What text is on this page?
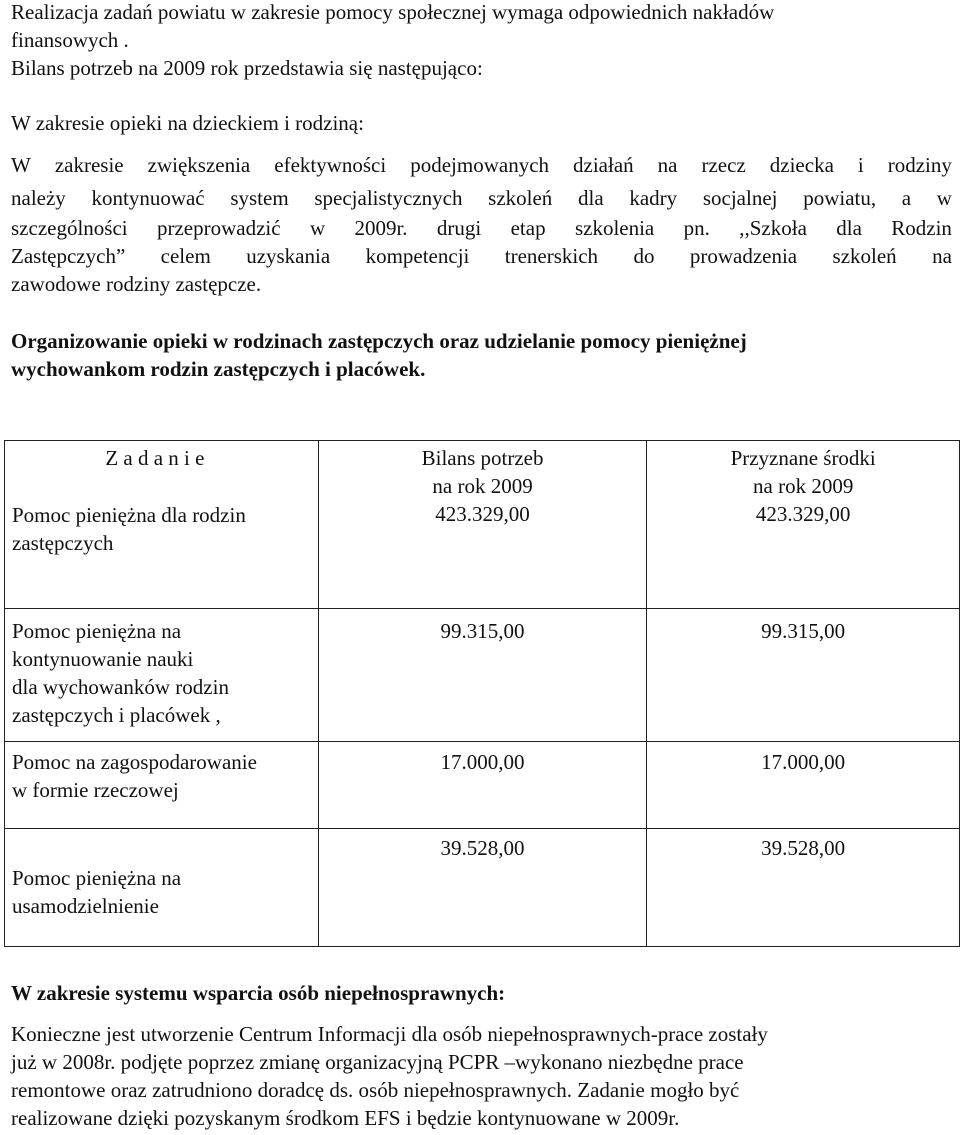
Realizacja zadań powiatu w zakresie pomocy społecznej wymaga odpowiednich nakładów
finansowych .
Bilans potrzeb na 2009 rok przedstawia się następująco:
W zakresie opieki na dzieckiem i rodziną:
W zakresie zwiększenia efektywności podejmowanych działań na rzecz dziecka i rodziny
należy kontynuować system specjalistycznych szkoleń dla kadry socjalnej powiatu, a w
szczególności przeprowadzić w 2009r. drugi etap szkolenia pn. ,,Szkoła dla Rodzin
Zastępczych” celem uzyskania kompetencji trenerskich do prowadzenia szkoleń na
zawodowe rodziny zastępcze.
Organizowanie opieki w rodzinach zastępczych oraz udzielanie pomocy pieniężnej
wychowankom rodzin zastępczych i placówek.
Z a d a n i e
Pomoc pieniężna dla rodzin
zastępczych	Bilans potrzeb
na rok 2009
423.329,00	Przyznane środki
na rok 2009
423.329,00

Pomoc pieniężna na
kontynuowanie nauki
dla wychowanków rodzin
zastępczych i placówek ,	99.315,00	99.315,00

Pomoc na zagospodarowanie
w formie rzeczowej	17.000,00	17.000,00

Pomoc pieniężna na
usamodzielnienie	39.528,00	39.528,00
W zakresie systemu wsparcia osób niepełnosprawnych:
Konieczne jest utworzenie Centrum Informacji dla osób niepełnosprawnych-prace zostały
już w 2008r. podjęte poprzez zmianę organizacyjną PCPR –wykonano niezbędne prace
remontowe oraz zatrudniono doradcę ds. osób niepełnosprawnych. Zadanie mogło być
realizowane dzięki pozyskanym środkom EFS i będzie kontynuowane w 2009r.
